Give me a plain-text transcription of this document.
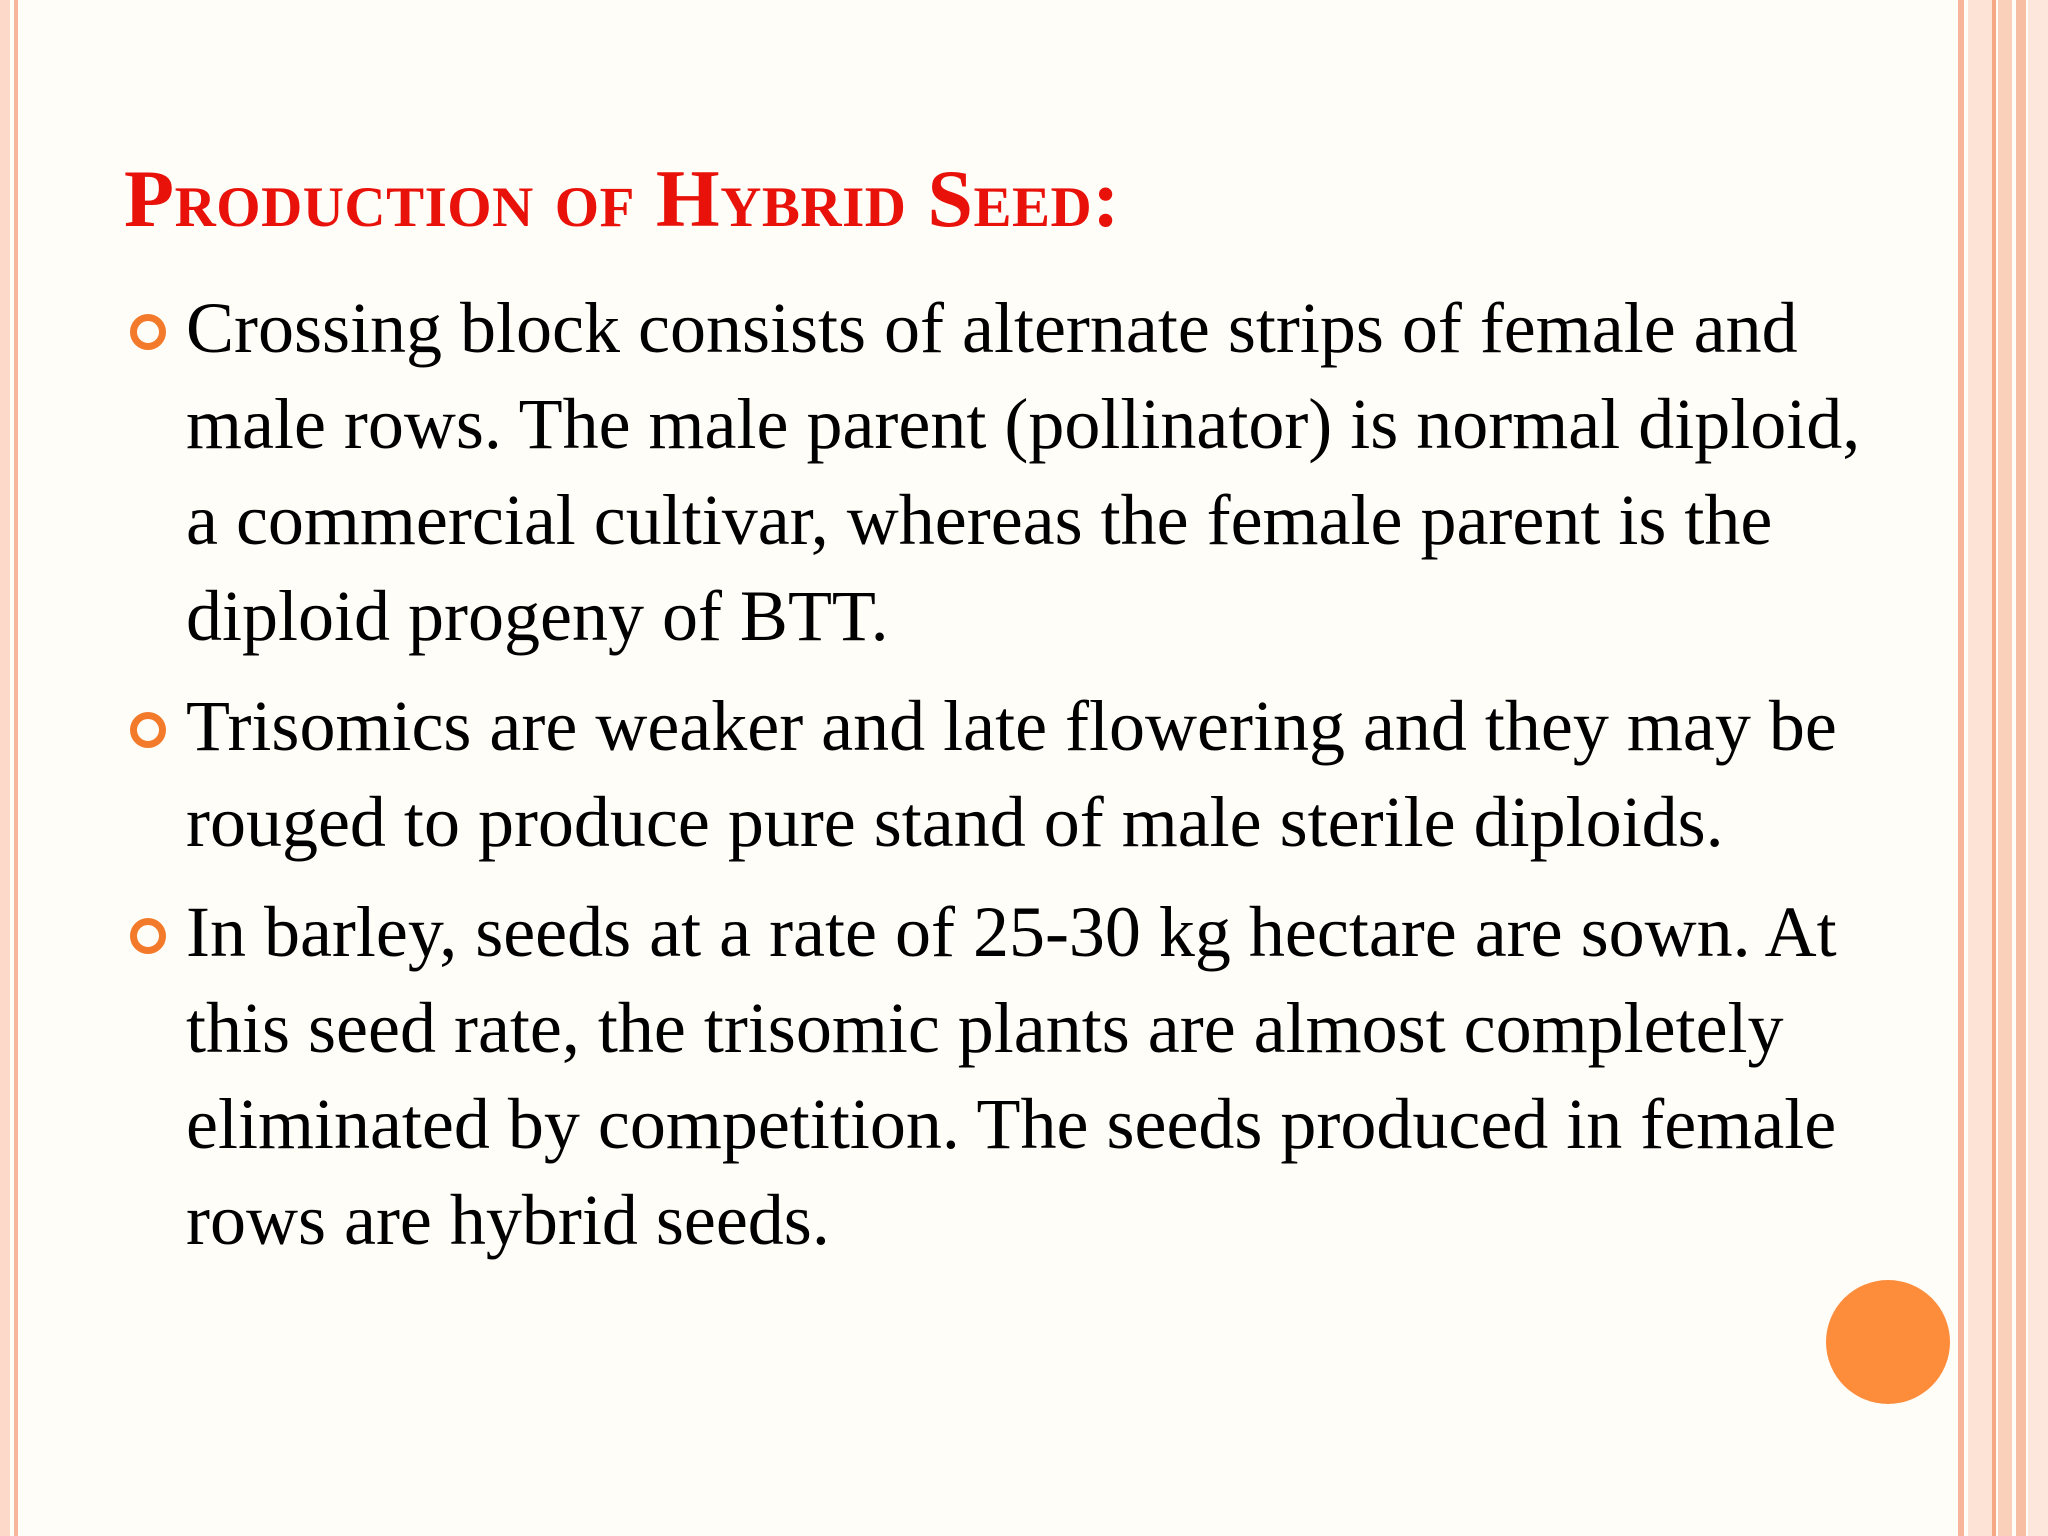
Production of Hybrid Seed:
Crossing block consists of alternate strips of female and male rows. The male parent (pollinator) is normal diploid, a commercial cultivar, whereas the female parent is the diploid progeny of BTT.
Trisomics are weaker and late flowering and they may be rouged to produce pure stand of male sterile diploids.
In barley, seeds at a rate of 25-30 kg hectare are sown. At this seed rate, the trisomic plants are almost completely eliminated by competition. The seeds produced in female rows are hybrid seeds.
